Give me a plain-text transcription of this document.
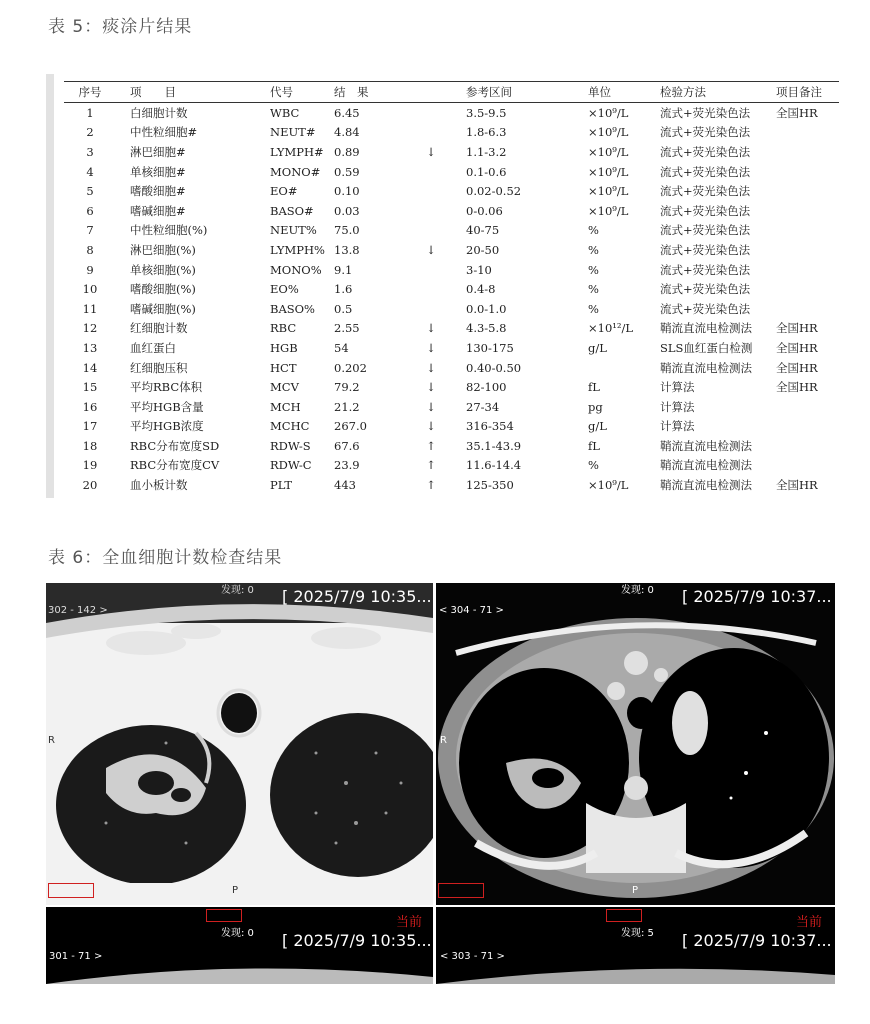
表 5：痰涂片结果
序号	项　　目	代号	结　果		参考区间	单位	检验方法	项目备注
1	白细胞计数	WBC	6.45		3.5-9.5	×10⁹/L	流式+荧光染色法	全国HR
2	中性粒细胞#	NEUT#	4.84		1.8-6.3	×10⁹/L	流式+荧光染色法	
3	淋巴细胞#	LYMPH#	0.89	↓	1.1-3.2	×10⁹/L	流式+荧光染色法	
4	单核细胞#	MONO#	0.59		0.1-0.6	×10⁹/L	流式+荧光染色法	
5	嗜酸细胞#	EO#	0.10		0.02-0.52	×10⁹/L	流式+荧光染色法	
6	嗜碱细胞#	BASO#	0.03		0-0.06	×10⁹/L	流式+荧光染色法	
7	中性粒细胞(%)	NEUT%	75.0		40-75	%	流式+荧光染色法	
8	淋巴细胞(%)	LYMPH%	13.8	↓	20-50	%	流式+荧光染色法	
9	单核细胞(%)	MONO%	9.1		3-10	%	流式+荧光染色法	
10	嗜酸细胞(%)	EO%	1.6		0.4-8	%	流式+荧光染色法	
11	嗜碱细胞(%)	BASO%	0.5		0.0-1.0	%	流式+荧光染色法	
12	红细胞计数	RBC	2.55	↓	4.3-5.8	×10¹²/L	鞘流直流电检测法	全国HR
13	血红蛋白	HGB	54	↓	130-175	g/L	SLS血红蛋白检测	全国HR
14	红细胞压积	HCT	0.202	↓	0.40-0.50		鞘流直流电检测法	全国HR
15	平均RBC体积	MCV	79.2	↓	82-100	fL	计算法	全国HR
16	平均HGB含量	MCH	21.2	↓	27-34	pg	计算法	
17	平均HGB浓度	MCHC	267.0	↓	316-354	g/L	计算法	
18	RBC分布宽度SD	RDW-S	67.6	↑	35.1-43.9	fL	鞘流直流电检测法	
19	RBC分布宽度CV	RDW-C	23.9	↑	11.6-14.4	%	鞘流直流电检测法	
20	血小板计数	PLT	443	↑	125-350	×10⁹/L	鞘流直流电检测法	全国HR
表 6：全血细胞计数检查结果
302 - 142 >
发现: 0 [ 2025/7/9 10:35...
R
P
< 304 - 71 >
发现: 0 [ 2025/7/9 10:37...
R
P
当前
发现: 0 [ 2025/7/9 10:35...
301 - 71 >
当前
发现: 5 [ 2025/7/9 10:37...
< 303 - 71 >
